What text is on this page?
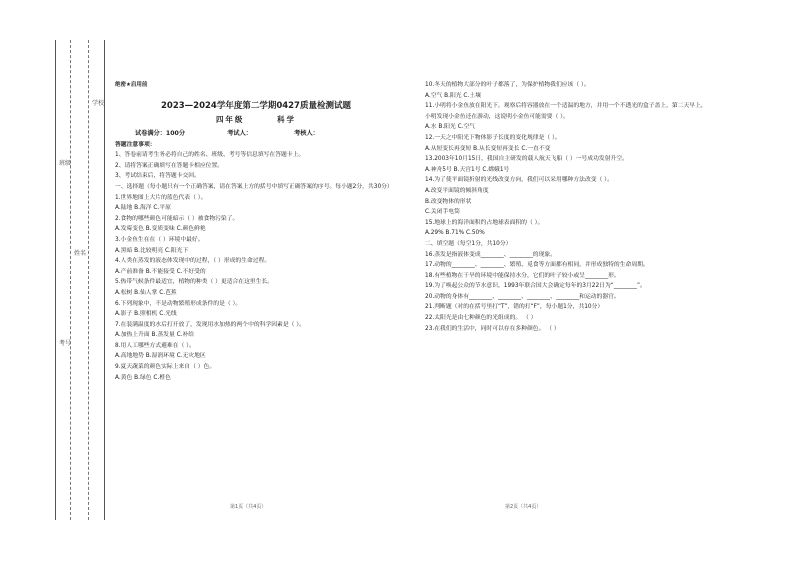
学校
班级
姓名
考号
绝密★启用前
2023—2024学年度第二学期0427质量检测试题
四年级	科学
试卷满分：100分	考试人：	考核人：
答题注意事项：
1、答卷前请考生务必将自己的姓名、班级、考号等信息填写在答题卡上。
2、请将答案正确填写在答题卡相应位置。
3、考试结束后，将答题卡交回。
一、选择题（每小题只有一个正确答案，请在答案上方的括号中填写正确答案的序号。每小题2分，共30分）
1.世界地图上大片的蓝色代表（ ）。
A.陆地 B.海洋 C.平原
2.食物的哪些颜色可能暗示（ ）被食物污染了。
A.发霉变色 B.变质变味 C.颜色鲜艳
3.小金鱼生在在（ ）环境中最好。
A.黑暗 B.比较明亮 C.阳光下
4.人类在蒸发的液态体发现中的过程，（ ）形成的生命过程。
A.产前准备 B.不能接受 C.不好受的
5.热带气候条件最适宜，植物的种类（ ）更适合在这里生长。
A.松树 B.仙人掌 C.芭蕉
6.下列现象中，不是动物繁殖形成条件的是（ ）。
A.影子 B.照相机 C.光线
7.在装满温度的水后打开放了，发现用水加热的两个中的科学因素是（ ）。
A.加热上升面 B.蒸发量 C.补给
8.用人工哪些方式避难在（ ）。
A.高地地势 B.湿润环境 C.无灾地区
9.夏天蔬菜的颜色实际上来自（ ）色。
A.黄色 B.绿色 C.橙色
10.冬天的植物大部分的叶子都落了，为保护植物我们应该（ ）。
A.空气 B.阳光 C.土壤
11.小明将小金鱼放在阳光下，观察后将容器放在一个适温的地方，并用一个不透光的盒子盖上，第二天早上，小明发现小金鱼还在游动，这说明小金鱼可能需要（ ）。
A.水 B.阳光 C.空气
12.一天之中阳光下物体影子长度的变化规律是（ ）。
A.从短变长再变短 B.从长变短再变长 C.一直不变
13.2003年10月15日，我国自主研发的载人航天飞船（ ）一号成功发射升空。
A.神舟5号 B.天宫1号 C.嫦娥1号
14.为了使平面镜折射的光线改变方向，我们可以采用哪种方法改变（ ）。
A.改变平面镜的倾斜角度
B.改变物体的形状
C.关闭手电筒
15.地球上的海洋面积约占地球表面积的（ ）。
A.29% B.71% C.50%
二、填空题（每空1分，共10分）
16.蒸发是指液体变成________、________的现象。
17.动物的________、________、繁殖、觅食等方面都有相同，并形成独特的生命周期。
18.有些植物在干旱的环境中能保持水分，它们的叶子较小或呈________形。
19.为了唤起公众的节水意识，1993年联合国大会确定每年的3月22日为“________”。
20.动物的身体有________、________、________、________和运动的器官。
21.判断题（对的在括号里打“T”，错的打“F”，每小题1分，共10分）
22.太阳光是由七种颜色的光组成的。 （ ）
23.在我们的生活中，同时可以存在多种颜色。 （ ）
第1页（共4页）	第2页（共4页）
